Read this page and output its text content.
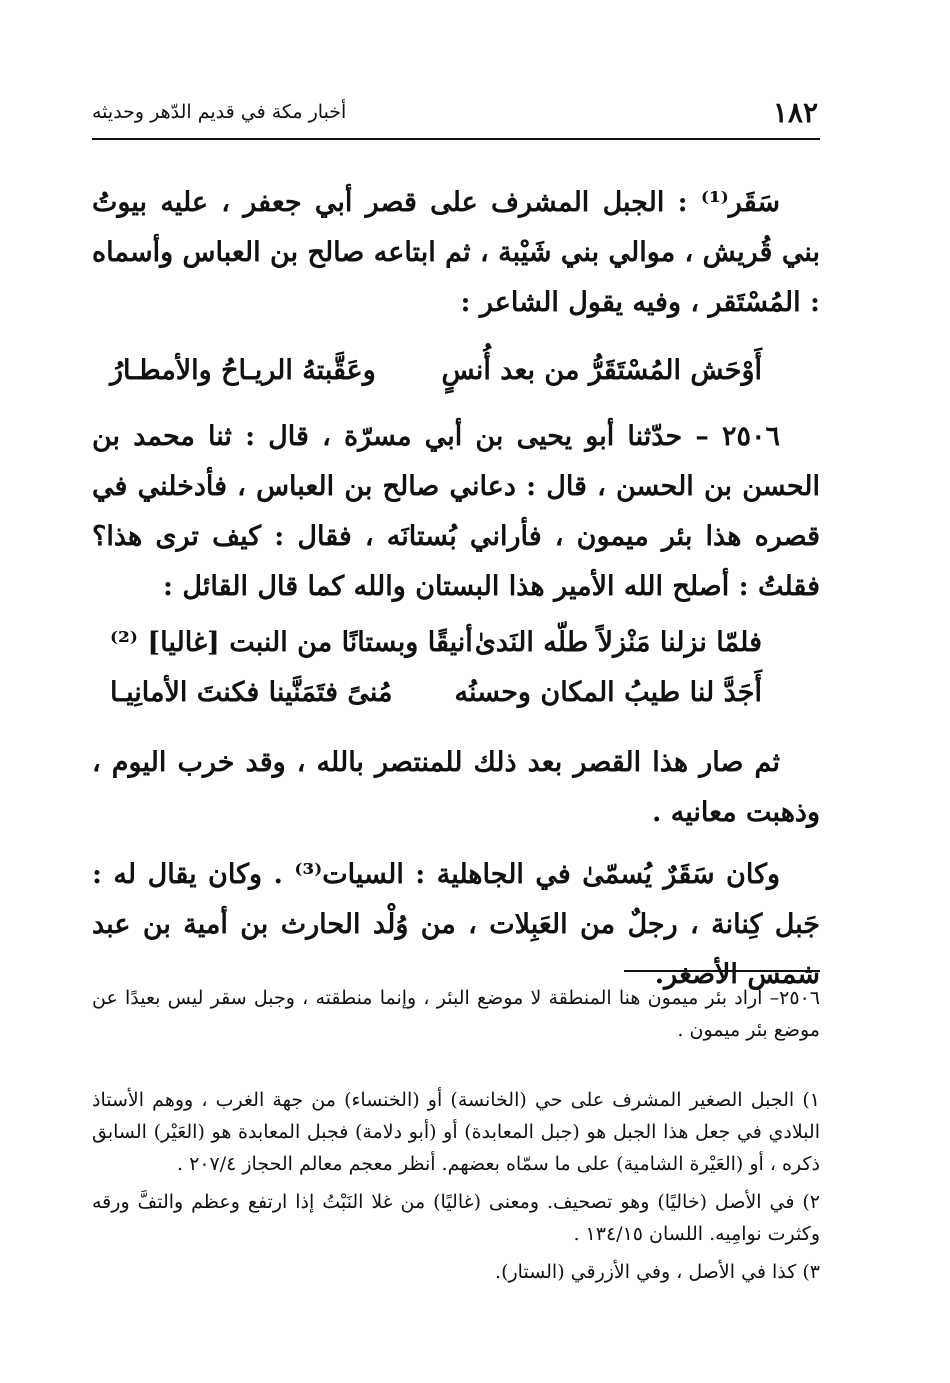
١٨٢
أخبار مكة في قديم الدّهر وحديثه

سَقَر⁽¹⁾ : الجبل المشرف على قصر أبي جعفر ، عليه بيوتُ بني قُريش ، موالي بني شَيْبة ، ثم ابتاعه صالح بن العباس وأسماه : المُسْتَقر ، وفيه يقول الشاعر :

أَوْحَش المُسْتَقَرُّ من بعد أُنسٍ
وعَقَّبتهُ الريـاحُ والأمطـارُ

٢٥٠٦ – حدّثنا أبو يحيى بن أبي مسرّة ، قال : ثنا محمد بن الحسن بن الحسن ، قال : دعاني صالح بن العباس ، فأدخلني في قصره هذا بئر ميمون ، فأراني بُستانَه ، فقال : كيف ترى هذا؟ فقلتُ : أصلح الله الأمير هذا البستان والله كما قال القائل :

فلمّا نزلنا مَنْزلاً طلّه النَدىٰ
أنيقًا وبستانًا من النبت [غاليا] ⁽²⁾
أَجَدَّ لنا طيبُ المكان وحسنُه
مُنىً فتَمَنَّينا فكنتَ الأمانِيـا

ثم صار هذا القصر بعد ذلك للمنتصر بالله ، وقد خرب اليوم ، وذهبت معانيه .

وكان سَقَرٌ يُسمّىٰ في الجاهلية : السيات⁽³⁾ . وكان يقال له : جَبل كِنانة ، رجلٌ من العَبِلات ، من وُلْد الحارث بن أمية بن عبد شمس الأصغر.

٢٥٠٦– أراد بئر ميمون هنا المنطقة لا موضع البئر ، وإنما منطقته ، وجبل سقر ليس بعيدًا عن موضع بئر ميمون .

١) الجبل الصغير المشرف على حي (الخانسة) أو (الخنساء) من جهة الغرب ، ووهم الأستاذ البلادي في جعل هذا الجبل هو (جبل المعابدة) أو (أبو دلامة) فجبل المعابدة هو (العَيْر) السابق ذكره ، أو (العَيْرة الشامية) على ما سمّاه بعضهم. أنظر معجم معالم الحجاز ٢٠٧/٤ .

٢) في الأصل (خاليًا) وهو تصحيف. ومعنى (غاليًا) من غلا النَبْتُ إذا ارتفع وعظم والتفَّ ورقه وكثرت نوامِيه. اللسان ١٣٤/١٥ .

٣) كذا في الأصل ، وفي الأزرقي (الستار).
